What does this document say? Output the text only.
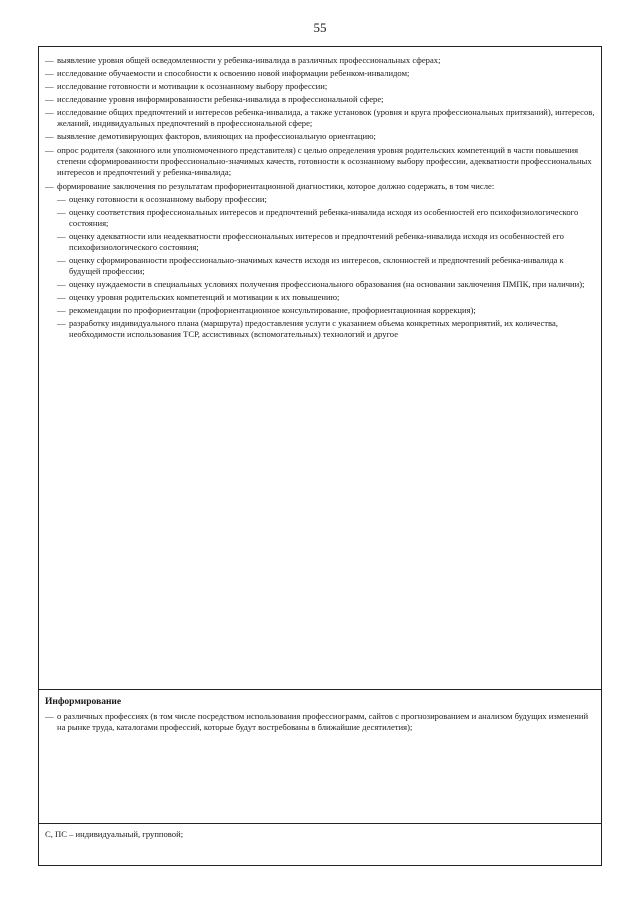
55
— выявление уровня общей осведомленности у ребенка-инвалида в различных профессиональных сферах;
— исследование обучаемости и способности к освоению новой информации ребенком-инвалидом;
— исследование готовности и мотивации к осознанному выбору профессии;
— исследование уровня информированности ребенка-инвалида в профессиональной сфере;
— исследование общих предпочтений и интересов ребенка-инвалида, а также установок (уровня и круга профессиональных притязаний), интересов, желаний, индивидуальных предпочтений в профессиональной сфере;
— выявление демотивирующих факторов, влияющих на профессиональную ориентацию;

— опрос родителя (законного или уполномоченного представителя) с целью определения уровня родительских компетенций в части повышения степени сформированности профессионально-значимых качеств, готовности к осознанному выбору профессии, адекватности профессиональных интересов и предпочтений у ребенка-инвалида;

— формирование заключения по результатам профориентационной диагностики, которое должно содержать, в том числе:

— оценку готовности к осознанному выбору профессии;
— оценку соответствия профессиональных интересов и предпочтений ребенка-инвалида исходя из особенностей его психофизиологического состояния;
— оценку адекватности или неадекватности профессиональных интересов и предпочтений ребенка-инвалида исходя из особенностей его психофизиологического состояния;
— оценку сформированности профессионально-значимых качеств исходя из интересов, склонностей и предпочтений ребенка-инвалида к будущей профессии;
— оценку нуждаемости в специальных условиях получения профессионального образования (на основании заключения ПМПК, при наличии);
— оценку уровня родительских компетенций и мотивации к их повышению;
— рекомендации по профориентации (профориентационное консультирование, профориентационная коррекция);
— разработку индивидуального плана (маршрута) предоставления услуги с указанием объема конкретных мероприятий, их количества, необходимости использования ТСР, ассистивных (вспомогательных) технологий и другое

Информирование

— о различных профессиях (в том числе посредством использования профессиограмм, сайтов с прогнозированием и анализом будущих изменений на рынке труда, каталогами профессий, которые будут востребованы в ближайшие десятилетия);

С, ПС – индивидуальный, групповой;
